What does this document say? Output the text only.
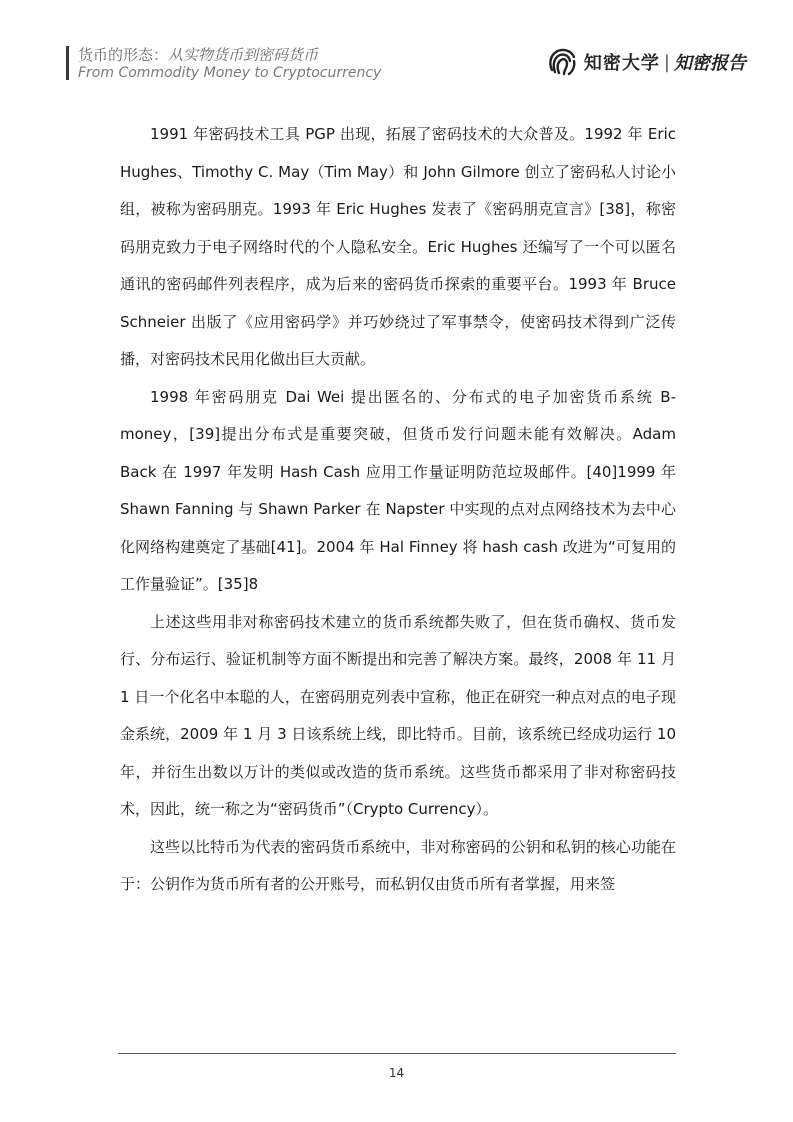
货币的形态：从实物货币到密码货币
From Commodity Money to Cryptocurrency	知密大学 | 知密报告

1991 年密码技术工具 PGP 出现，拓展了密码技术的大众普及。1992 年 Eric Hughes、Timothy C. May（Tim May）和 John Gilmore 创立了密码私人讨论小组，被称为密码朋克。1993 年 Eric Hughes 发表了《密码朋克宣言》[38]，称密码朋克致力于电子网络时代的个人隐私安全。Eric Hughes 还编写了一个可以匿名通讯的密码邮件列表程序，成为后来的密码货币探索的重要平台。1993 年 Bruce Schneier 出版了《应用密码学》并巧妙绕过了军事禁令，使密码技术得到广泛传播，对密码技术民用化做出巨大贡献。

1998 年密码朋克 Dai Wei 提出匿名的、分布式的电子加密货币系统 B-money，[39]提出分布式是重要突破，但货币发行问题未能有效解决。Adam Back 在 1997 年发明 Hash Cash 应用工作量证明防范垃圾邮件。[40]1999 年 Shawn Fanning 与 Shawn Parker 在 Napster 中实现的点对点网络技术为去中心化网络构建奠定了基础[41]。2004 年 Hal Finney 将 hash cash 改进为“可复用的工作量验证”。[35]8

上述这些用非对称密码技术建立的货币系统都失败了，但在货币确权、货币发行、分布运行、验证机制等方面不断提出和完善了解决方案。最终，2008 年 11 月 1 日一个化名中本聪的人，在密码朋克列表中宣称，他正在研究一种点对点的电子现金系统，2009 年 1 月 3 日该系统上线，即比特币。目前，该系统已经成功运行 10 年，并衍生出数以万计的类似或改造的货币系统。这些货币都采用了非对称密码技术，因此，统一称之为“密码货币”（Crypto Currency）。

这些以比特币为代表的密码货币系统中，非对称密码的公钥和私钥的核心功能在于：公钥作为货币所有者的公开账号，而私钥仅由货币所有者掌握，用来签

14
